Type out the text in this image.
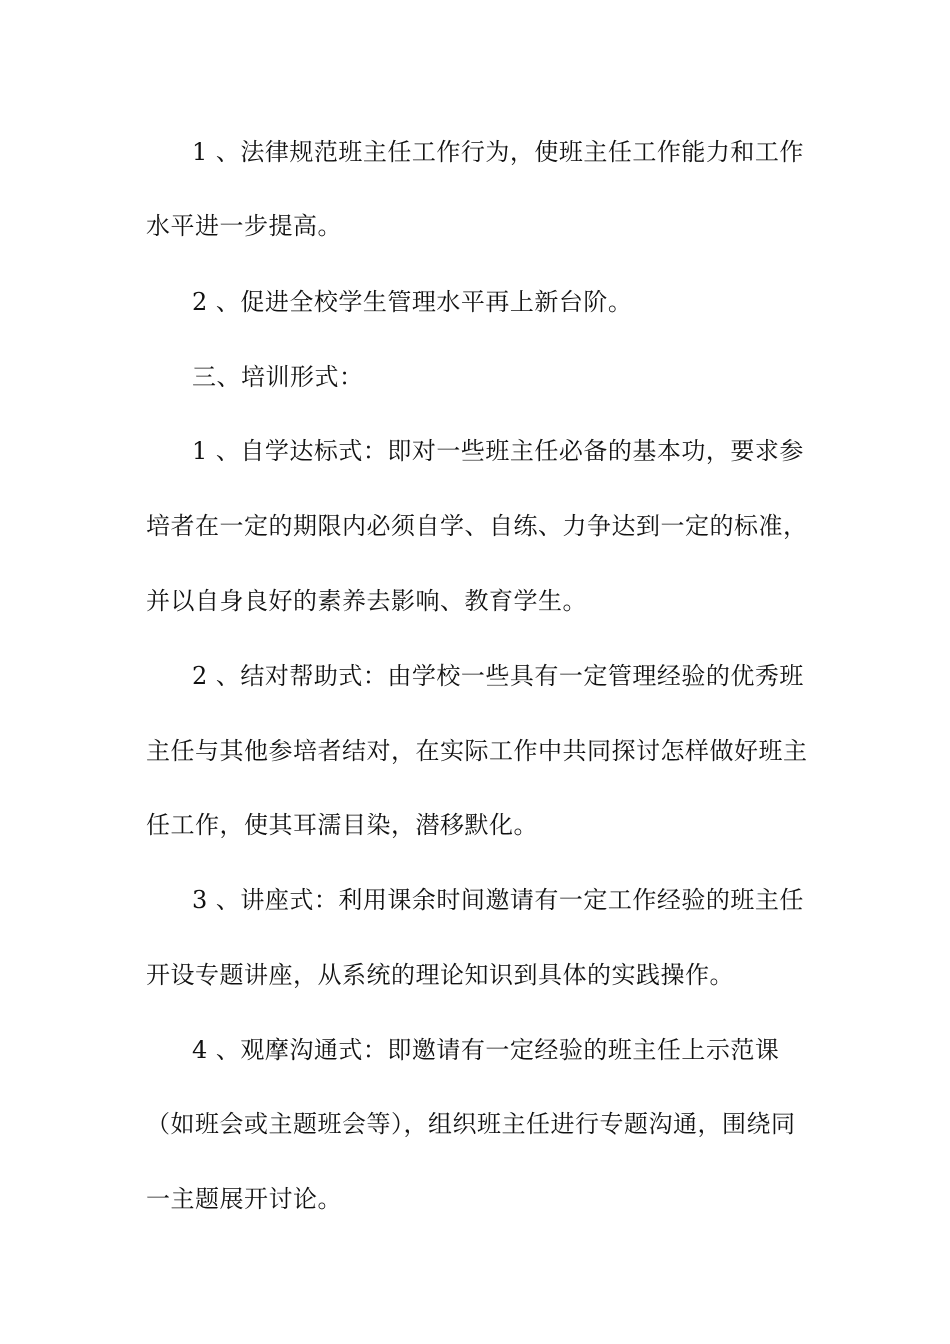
1 、法律规范班主任工作行为，使班主任工作能力和工作
水平进一步提高。
2 、促进全校学生管理水平再上新台阶。
三、培训形式：
1 、自学达标式：即对一些班主任必备的基本功，要求参
培者在一定的期限内必须自学、自练、力争达到一定的标准，
并以自身良好的素养去影响、教育学生。
2 、结对帮助式：由学校一些具有一定管理经验的优秀班
主任与其他参培者结对，在实际工作中共同探讨怎样做好班主
任工作，使其耳濡目染，潜移默化。
3 、讲座式：利用课余时间邀请有一定工作经验的班主任
开设专题讲座，从系统的理论知识到具体的实践操作。
4 、观摩沟通式：即邀请有一定经验的班主任上示范课
（如班会或主题班会等），组织班主任进行专题沟通，围绕同
一主题展开讨论。
